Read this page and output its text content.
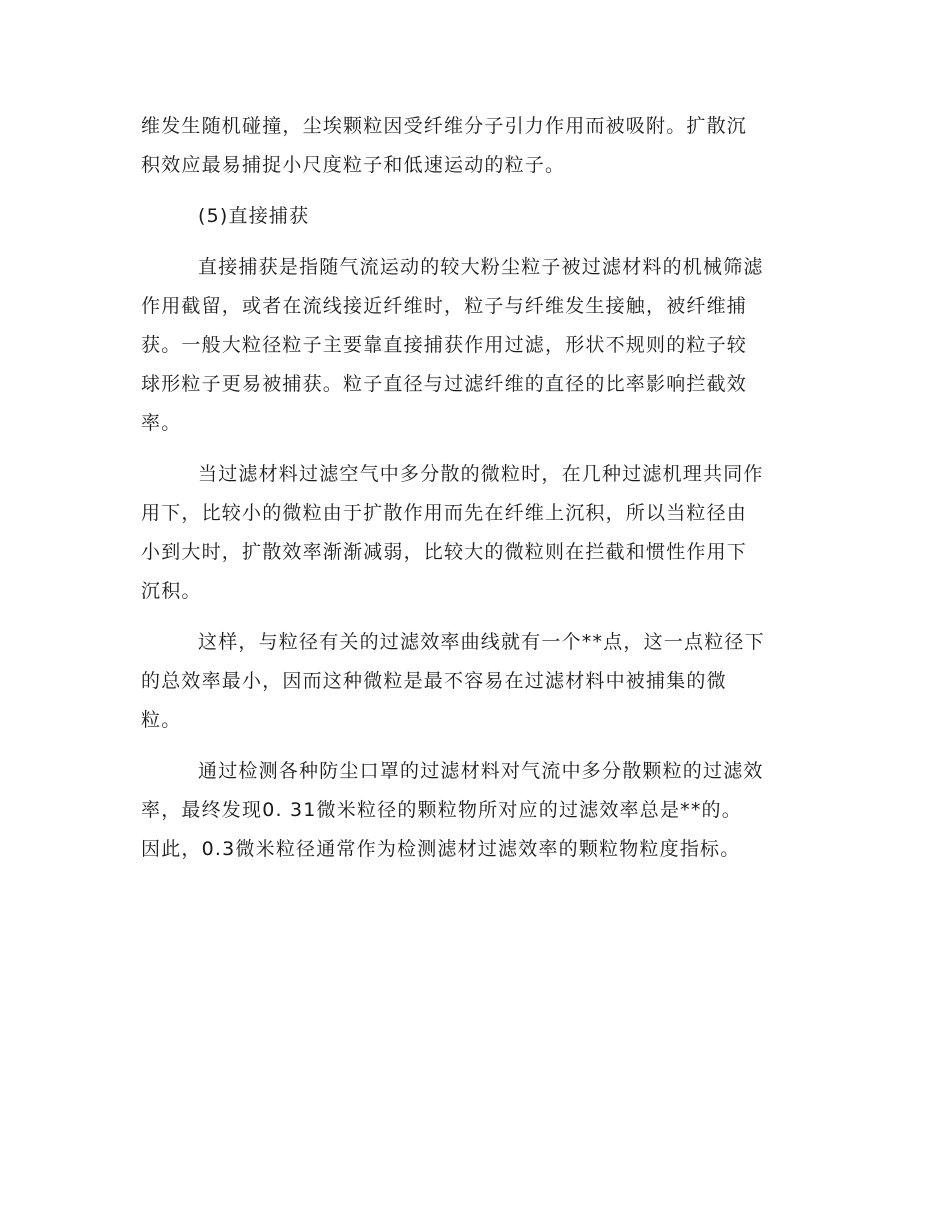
维发生随机碰撞，尘埃颗粒因受纤维分子引力作用而被吸附。扩散沉
积效应最易捕捉小尺度粒子和低速运动的粒子。

(5)直接捕获

直接捕获是指随气流运动的较大粉尘粒子被过滤材料的机械筛滤
作用截留，或者在流线接近纤维时，粒子与纤维发生接触，被纤维捕
获。一般大粒径粒子主要靠直接捕获作用过滤，形状不规则的粒子较
球形粒子更易被捕获。粒子直径与过滤纤维的直径的比率影响拦截效
率。

当过滤材料过滤空气中多分散的微粒时，在几种过滤机理共同作
用下，比较小的微粒由于扩散作用而先在纤维上沉积，所以当粒径由
小到大时，扩散效率渐渐减弱，比较大的微粒则在拦截和惯性作用下
沉积。

这样，与粒径有关的过滤效率曲线就有一个**点，这一点粒径下
的总效率最小，因而这种微粒是最不容易在过滤材料中被捕集的微
粒。

通过检测各种防尘口罩的过滤材料对气流中多分散颗粒的过滤效
率，最终发现0. 31微米粒径的颗粒物所对应的过滤效率总是**的。
因此，0.3微米粒径通常作为检测滤材过滤效率的颗粒物粒度指标。
